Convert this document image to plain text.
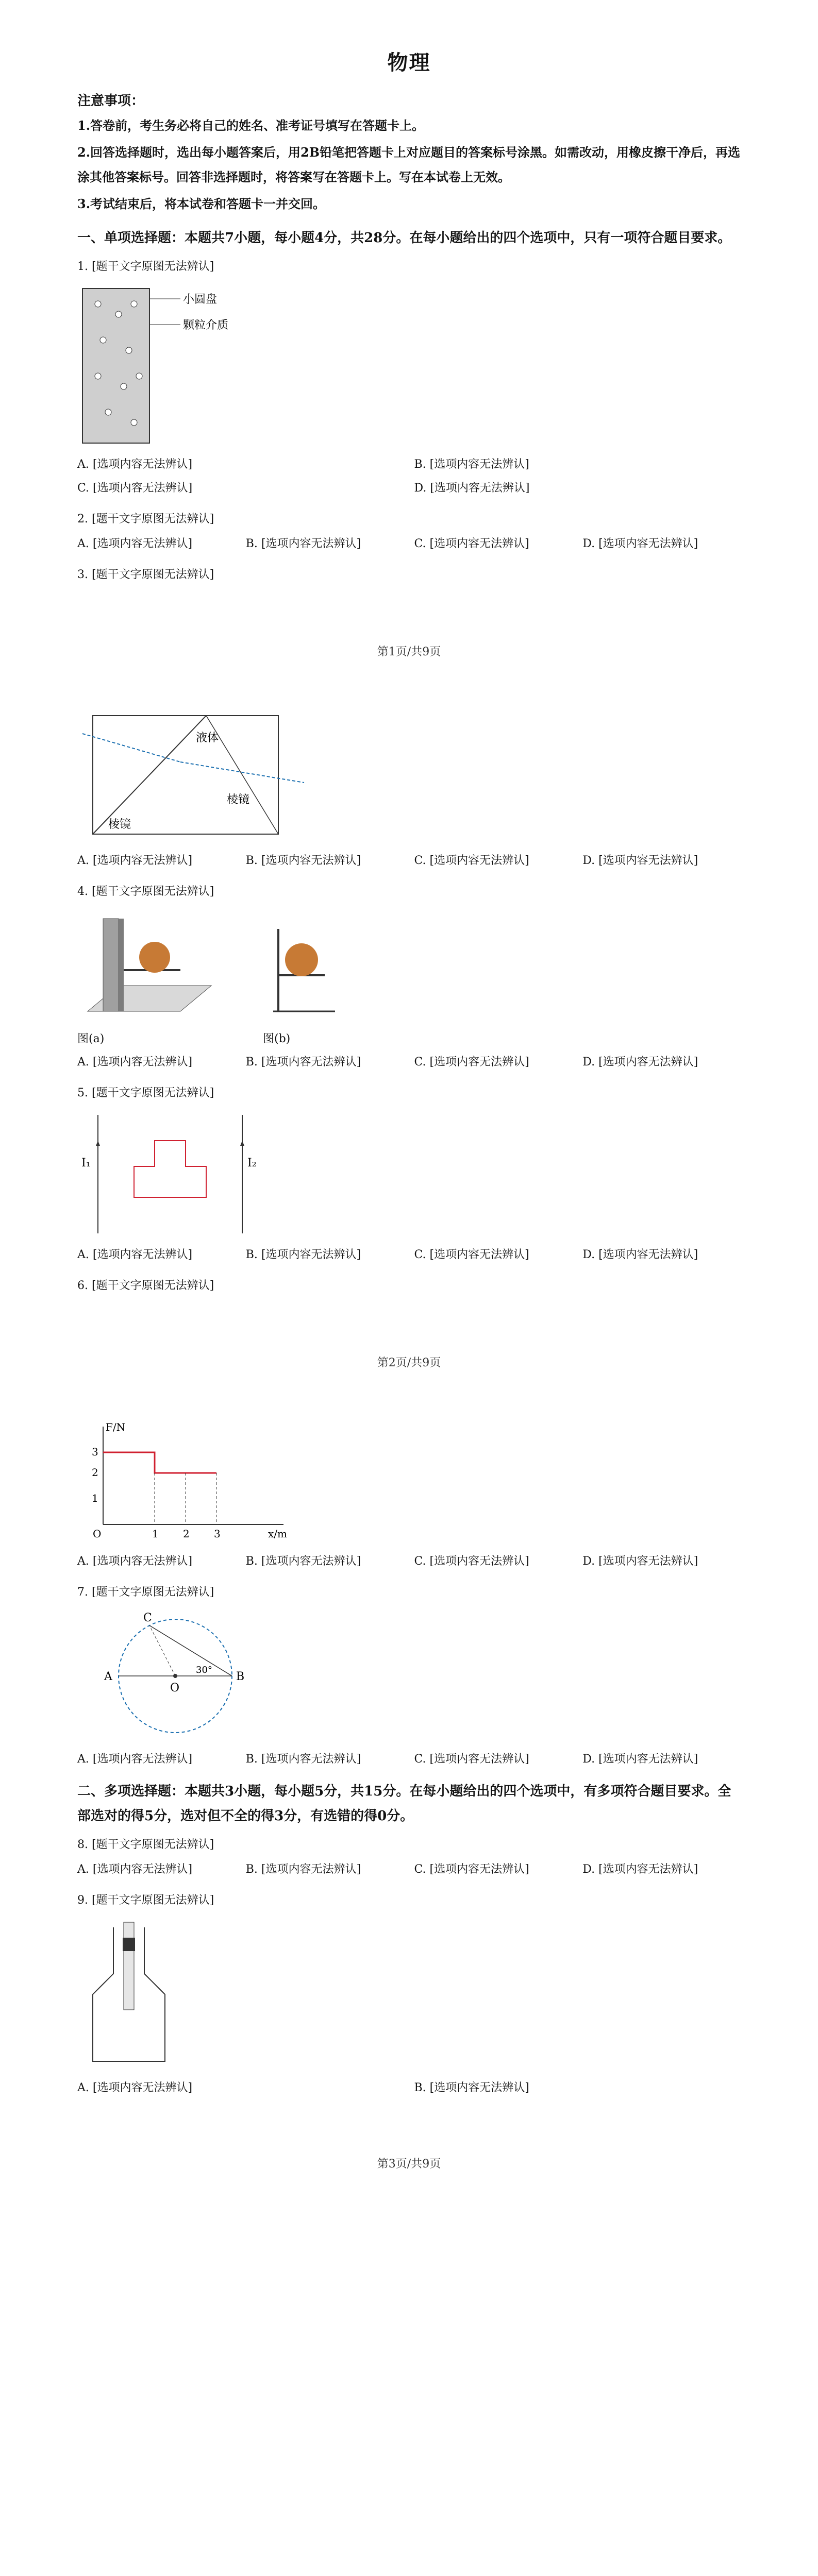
物理
注意事项：

1.答卷前，考生务必将自己的姓名、准考证号填写在答题卡上。

2.回答选择题时，选出每小题答案后，用2B铅笔把答题卡上对应题目的答案标号涂黑。如需改动，用橡皮擦干净后，再选涂其他答案标号。回答非选择题时，将答案写在答题卡上。写在本试卷上无效。

3.考试结束后，将本试卷和答题卡一并交回。

一、单项选择题：本题共7小题，每小题4分，共28分。在每小题给出的四个选项中，只有一项符合题目要求。
1. [题干文字原图无法辨认]
小圆盘
颗粒介质
A. [选项内容无法辨认]	B. [选项内容无法辨认]
C. [选项内容无法辨认]	D. [选项内容无法辨认]
2. [题干文字原图无法辨认]
A. [选项内容无法辨认]	B. [选项内容无法辨认]	C. [选项内容无法辨认]	D. [选项内容无法辨认]
3. [题干文字原图无法辨认]
第1页/共9页
液体
棱镜
棱镜
A. [选项内容无法辨认]	B. [选项内容无法辨认]	C. [选项内容无法辨认]	D. [选项内容无法辨认]
4. [题干文字原图无法辨认]
图(a)	图(b)
A. [选项内容无法辨认]	B. [选项内容无法辨认]	C. [选项内容无法辨认]	D. [选项内容无法辨认]
5. [题干文字原图无法辨认]
I₁	I₂
A. [选项内容无法辨认]	B. [选项内容无法辨认]	C. [选项内容无法辨认]	D. [选项内容无法辨认]
6. [题干文字原图无法辨认]
第2页/共9页
F/N
x/m
3
2
1
O	1 2 3
A. [选项内容无法辨认]	B. [选项内容无法辨认]	C. [选项内容无法辨认]	D. [选项内容无法辨认]
7. [题干文字原图无法辨认]
C
A
O
B
30°
A. [选项内容无法辨认]	B. [选项内容无法辨认]	C. [选项内容无法辨认]	D. [选项内容无法辨认]
二、多项选择题：本题共3小题，每小题5分，共15分。在每小题给出的四个选项中，有多项符合题目要求。全部选对的得5分，选对但不全的得3分，有选错的得0分。
8. [题干文字原图无法辨认]
A. [选项内容无法辨认]	B. [选项内容无法辨认]	C. [选项内容无法辨认]	D. [选项内容无法辨认]
9. [题干文字原图无法辨认]
A. [选项内容无法辨认]	B. [选项内容无法辨认]
第3页/共9页
